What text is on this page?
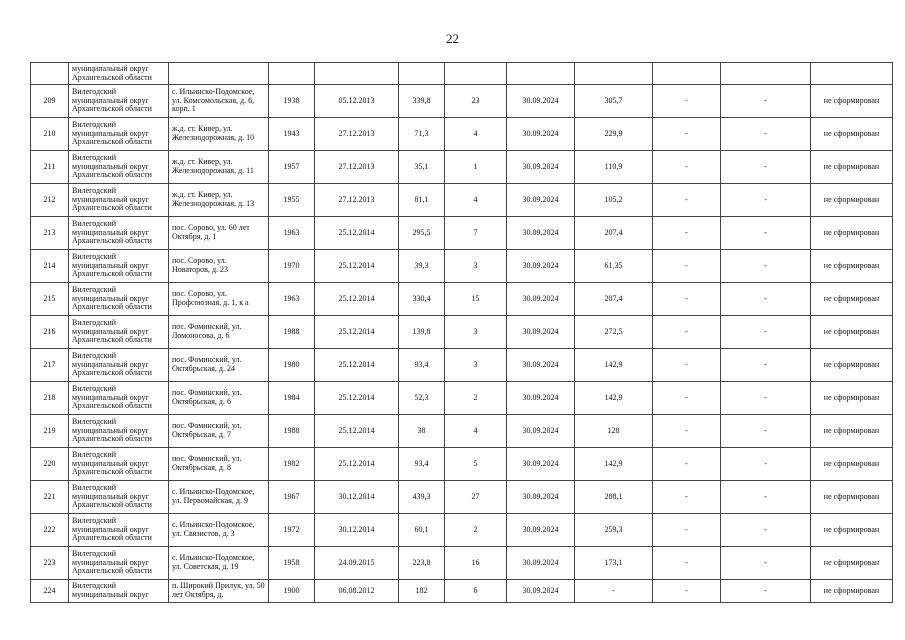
22
	муниципальный округ Архангельской области										
209	Вилегодский муниципальный округ Архангельской области	с. Ильинско-Подомское, ул. Комсомольская, д. 6, корп. 1	1938	05.12.2013	339,8	23	30.09.2024	305,7	-	-	не сформирован
210	Вилегодский муниципальный округ Архангельской области	ж.д. ст. Кивер, ул. Железнодорожная, д. 10	1943	27.12.2013	71,3	4	30.09.2024	229,9	-	-	не сформирован
211	Вилегодский муниципальный округ Архангельской области	ж.д. ст. Кивер, ул. Железнодорожная, д. 11	1957	27.12.2013	35,1	1	30.09.2024	110,9	-	-	не сформирован
212	Вилегодский муниципальный округ Архангельской области	ж.д. ст. Кивер, ул. Железнодорожная, д. 13	1955	27.12.2013	81,1	4	30.09.2024	105,2	-	-	не сформирован
213	Вилегодский муниципальный округ Архангельской области	пос. Сорово, ул. 60 лет Октября, д. 1	1963	25.12.2014	295,5	7	30.09.2024	207,4	-	-	не сформирован
214	Вилегодский муниципальный округ Архангельской области	пос. Сорово, ул. Новаторов, д. 23	1970	25.12.2014	39,3	3	30.09.2024	61,35	-	-	не сформирован
215	Вилегодский муниципальный округ Архангельской области	пос. Сорово, ул. Профсоюзная, д. 1, к а	1963	25.12.2014	330,4	15	30.09.2024	207,4	-	-	не сформирован
216	Вилегодский муниципальный округ Архангельской области	пос. Фоминский, ул. Ломоносова, д. 6	1988	25.12.2014	139,8	3	30.09.2024	272,5	-	-	не сформирован
217	Вилегодский муниципальный округ Архангельской области	пос. Фоминский, ул. Октябрьская, д. 24	1980	25.12.2014	93,4	3	30.09.2024	142,9	-	-	не сформирован
218	Вилегодский муниципальный округ Архангельской области	пос. Фоминский, ул. Октябрьская, д. 6	1984	25.12.2014	52,3	2	30.09.2024	142,9	-	-	не сформирован
219	Вилегодский муниципальный округ Архангельской области	пос. Фоминский, ул. Октябрьская, д. 7	1988	25.12.2014	38	4	30.09.2024	128	-	-	не сформирован
220	Вилегодский муниципальный округ Архангельской области	пос. Фоминский, ул. Октябрьская, д. 8	1982	25.12.2014	93,4	5	30.09.2024	142,9	-	-	не сформирован
221	Вилегодский муниципальный округ Архангельской области	с. Ильинско-Подомское, ул. Первомайская, д. 9	1967	30.12.2014	439,3	27	30.09.2024	288,1	-	-	не сформирован
222	Вилегодский муниципальный округ Архангельской области	с. Ильинско-Подомское, ул. Связистов, д. 3	1972	30.12.2014	60,1	2	30.09.2024	259,3	-	-	не сформирован
223	Вилегодский муниципальный округ Архангельской области	с. Ильинско-Подомское, ул. Советская, д. 19	1958	24.09.2015	223,8	16	30.09.2024	173,1	-	-	не сформирован
224	Вилегодский муниципальный округ	п. Широкий Прилук, ул. 50 лет Октября, д.	1900	06.08.2012	182	6	30.09.2024	-	-	-	не сформирован
